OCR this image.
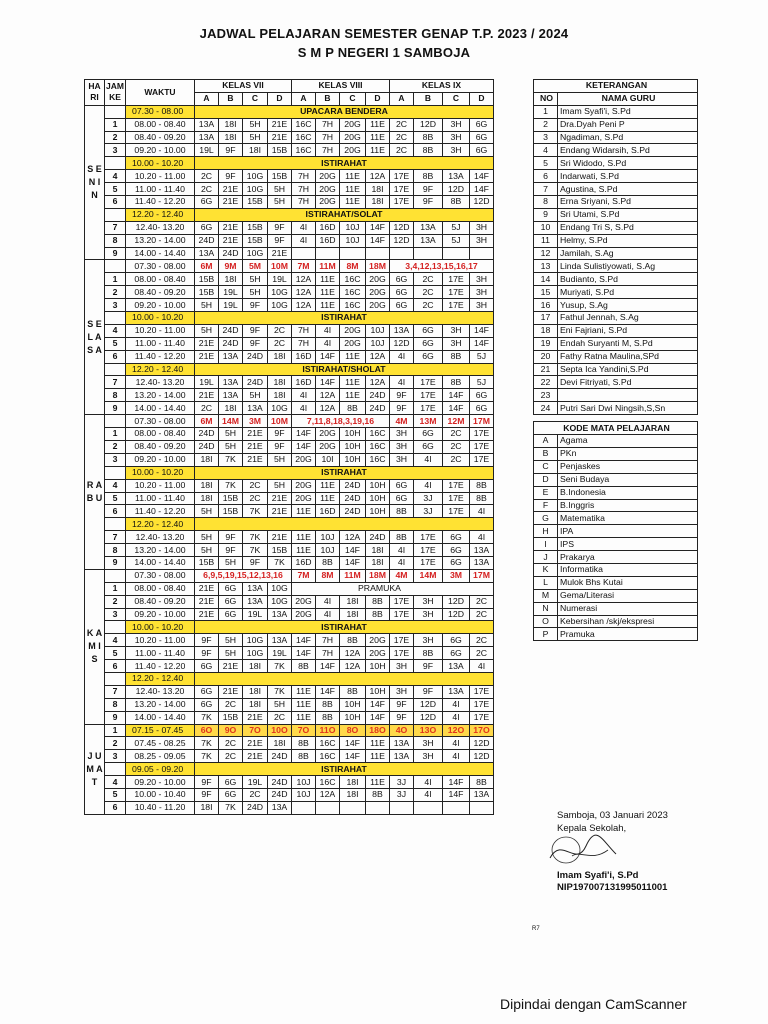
JADWAL PELAJARAN SEMESTER GENAP T.P. 2023 / 2024
S M P NEGERI 1 SAMBOJA
HA RI	JAM KE	WAKTU	KELAS VII				KELAS VIII				KELAS IX			
			A	B	C	D	A	B	C	D	A	B	C	D
S E N I N		07.30 - 08.00	UPACARA BENDERA											
	1	08.00 - 08.40	13A	18I	5H	21E	16C	7H	20G	11E	2C	12D	3H	6G
	2	08.40 - 09.20	13A	18I	5H	21E	16C	7H	20G	11E	2C	8B	3H	6G
	3	09.20 - 10.00	19L	9F	18I	15B	16C	7H	20G	11E	2C	8B	3H	6G
		10.00 - 10.20	ISTIRAHAT											
	4	10.20 - 11.00	2C	9F	10G	15B	7H	20G	11E	12A	17E	8B	13A	14F
	5	11.00 - 11.40	2C	21E	10G	5H	7H	20G	11E	18I	17E	9F	12D	14F
	6	11.40 - 12.20	6G	21E	15B	5H	7H	20G	11E	18I	17E	9F	8B	12D
		12.20 - 12.40	ISTIRAHAT/SOLAT											
	7	12.40- 13.20	6G	21E	15B	9F	4I	16D	10J	14F	12D	13A	5J	3H
	8	13.20 - 14.00	24D	21E	15B	9F	4I	16D	10J	14F	12D	13A	5J	3H
	9	14.00 - 14.40	13A	24D	10G	21E								
S E L A S A		07.30 - 08.00	6M	9M	5M	10M	7M	11M	8M	18M	3,4,12,13,15,16,17			
	1	08.00 - 08.40	15B	18I	5H	19L	12A	11E	16C	20G	6G	2C	17E	3H
	2	08.40 - 09.20	15B	19L	5H	10G	12A	11E	16C	20G	6G	2C	17E	3H
	3	09.20 - 10.00	5H	19L	9F	10G	12A	11E	16C	20G	6G	2C	17E	3H
		10.00 - 10.20	ISTIRAHAT											
	4	10.20 - 11.00	5H	24D	9F	2C	7H	4I	20G	10J	13A	6G	3H	14F
	5	11.00 - 11.40	21E	24D	9F	2C	7H	4I	20G	10J	12D	6G	3H	14F
	6	11.40 - 12.20	21E	13A	24D	18I	16D	14F	11E	12A	4I	6G	8B	5J
		12.20 - 12.40	ISTIRAHAT/SHOLAT											
	7	12.40- 13.20	19L	13A	24D	18I	16D	14F	11E	12A	4I	17E	8B	5J
	8	13.20 - 14.00	21E	13A	5H	18I	4I	12A	11E	24D	9F	17E	14F	6G
	9	14.00 - 14.40	2C	18I	13A	10G	4I	12A	8B	24D	9F	17E	14F	6G
R A B U		07.30 - 08.00	6M	14M	3M	10M	7,11,8,18,3,19,16				4M	13M	12M	17M
	1	08.00 - 08.40	24D	5H	21E	9F	14F	20G	10H	16C	3H	6G	2C	17E
	2	08.40 - 09.20	24D	5H	21E	9F	14F	20G	10H	16C	3H	6G	2C	17E
	3	09.20 - 10.00	18I	7K	21E	5H	20G	10I	10H	16C	3H	4I	2C	17E
		10.00 - 10.20	ISTIRAHAT											
	4	10.20 - 11.00	18I	7K	2C	5H	20G	11E	24D	10H	6G	4I	17E	8B
	5	11.00 - 11.40	18I	15B	2C	21E	20G	11E	24D	10H	6G	3J	17E	8B
	6	11.40 - 12.20	5H	15B	7K	21E	11E	16D	24D	10H	8B	3J	17E	4I
		12.20 - 12.40												
	7	12.40- 13.20	5H	9F	7K	21E	11E	10J	12A	24D	8B	17E	6G	4I
	8	13.20 - 14.00	5H	9F	7K	15B	11E	10J	14F	18I	4I	17E	6G	13A
	9	14.00 - 14.40	15B	5H	9F	7K	16D	8B	14F	18I	4I	17E	6G	13A
K A M I S		07.30 - 08.00	6,9,5,19,15,12,13,16				7M	8M	11M	18M	4M	14M	3M	17M
	1	08.00 - 08.40	21E	6G	13A	10G	PRAMUKA							
	2	08.40 - 09.20	21E	6G	13A	10G	20G	4I	18I	8B	17E	3H	12D	2C
	3	09.20 - 10.00	21E	6G	19L	13A	20G	4I	18I	8B	17E	3H	12D	2C
		10.00 - 10.20	ISTIRAHAT											
	4	10.20 - 11.00	9F	5H	10G	13A	14F	7H	8B	20G	17E	3H	6G	2C
	5	11.00 - 11.40	9F	5H	10G	19L	14F	7H	12A	20G	17E	8B	6G	2C
	6	11.40 - 12.20	6G	21E	18I	7K	8B	14F	12A	10H	3H	9F	13A	4I
		12.20 - 12.40												
	7	12.40- 13.20	6G	21E	18I	7K	11E	14F	8B	10H	3H	9F	13A	17E
	8	13.20 - 14.00	6G	2C	18I	5H	11E	8B	10H	14F	9F	12D	4I	17E
	9	14.00 - 14.40	7K	15B	21E	2C	11E	8B	10H	14F	9F	12D	4I	17E
J U M A T	1	07.15 - 07.45	6O	9O	7O	10O	7O	11O	8O	18O	4O	13O	12O	17O
	2	07.45 - 08.25	7K	2C	21E	18I	8B	16C	14F	11E	13A	3H	4I	12D
	3	08.25 - 09.05	7K	2C	21E	24D	8B	16C	14F	11E	13A	3H	4I	12D
		09.05 - 09.20	ISTIRAHAT											
	4	09.20 - 10.00	9F	6G	19L	24D	10J	16C	18I	11E	3J	4I	14F	8B
	5	10.00 - 10.40	9F	6G	2C	24D	10J	12A	18I	8B	3J	4I	14F	13A
	6	10.40 - 11.20	18I	7K	24D	13A								
KETERANGAN	
NO	NAMA GURU
1	Imam Syafi'i, S.Pd
2	Dra.Dyah Peni P
3	Ngadiman, S.Pd
4	Endang Widarsih, S.Pd
5	Sri Widodo, S.Pd
6	Indarwati, S.Pd
7	Agustina, S.Pd
8	Erna Sriyani, S.Pd
9	Sri Utami, S.Pd
10	Endang Tri S, S.Pd
11	Helmy, S.Pd
12	Jamilah, S.Ag
13	Linda Sulistiyowati, S.Ag
14	Budianto, S.Pd
15	Muriyati, S.Pd
16	Yusup, S.Ag
17	Fathul Jennah, S.Ag
18	Eni Fajriani, S.Pd
19	Endah Suryanti M, S.Pd
20	Fathy Ratna Maulina,SPd
21	Septa Ica Yandini,S.Pd
22	Devi Fitriyati, S.Pd
23	
24	Putri Sari Dwi Ningsih,S,Sn

KODE MATA PELAJARAN	
A	Agama
B	PKn
C	Penjaskes
D	Seni Budaya
E	B.Indonesia
F	B.Inggris
G	Matematika
H	IPA
I	IPS
J	Prakarya
K	Informatika
L	Mulok Bhs Kutai
M	Gema/Literasi
N	Numerasi
O	Kebersihan /skj/ekspresi
P	Pramuka
Samboja, 03 Januari 2023
Kepala Sekolah,
Imam Syafi'i, S.Pd
NIP197007131995011001
R7
Dipindai dengan CamScanner
